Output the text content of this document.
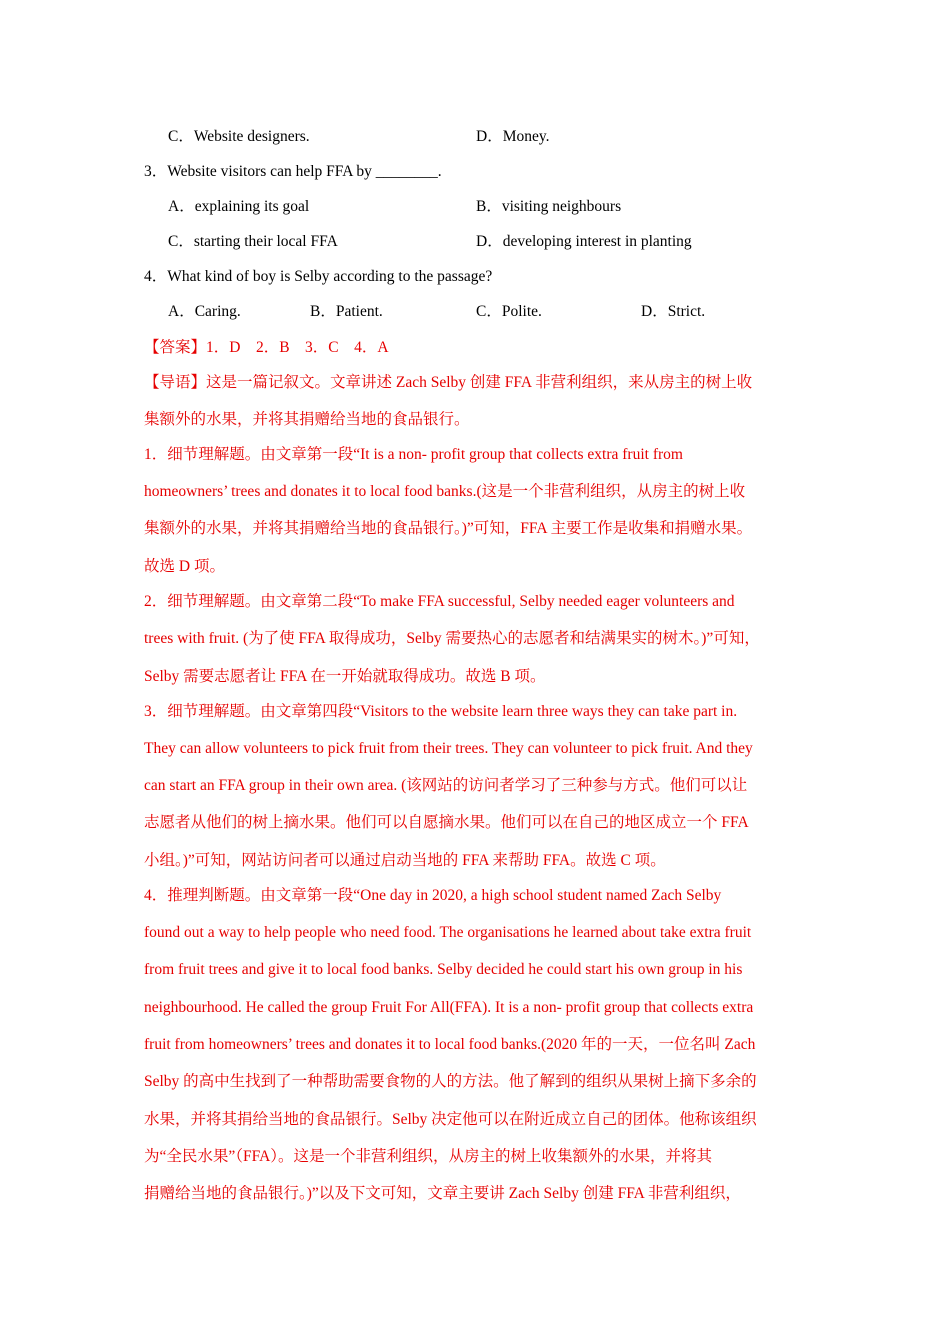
C．Website designers.	D．Money.
3．Website visitors can help FFA by ________.
A．explaining its goal	B．visiting neighbours
C．starting their local FFA	D．developing interest in planting
4．What kind of boy is Selby according to the passage?
A．Caring.	B．Patient.	C．Polite.	D．Strict.
【答案】1．D　2．B　3．C　4．A
【导语】这是一篇记叙文。文章讲述 Zach Selby 创建 FFA 非营利组织，来从房主的树上收
集额外的水果，并将其捐赠给当地的食品银行。
1．细节理解题。由文章第一段“It is a non- profit group that collects extra fruit from
homeowners’ trees and donates it to local food banks.(这是一个非营利组织，从房主的树上收
集额外的水果，并将其捐赠给当地的食品银行。)”可知，FFA 主要工作是收集和捐赠水果。
故选 D 项。
2．细节理解题。由文章第二段“To make FFA successful, Selby needed eager volunteers and
trees with fruit. (为了使 FFA 取得成功，Selby 需要热心的志愿者和结满果实的树木。)”可知，
Selby 需要志愿者让 FFA 在一开始就取得成功。故选 B 项。
3．细节理解题。由文章第四段“Visitors to the website learn three ways they can take part in.
They can allow volunteers to pick fruit from their trees. They can volunteer to pick fruit. And they
can start an FFA group in their own area. (该网站的访问者学习了三种参与方式。他们可以让
志愿者从他们的树上摘水果。他们可以自愿摘水果。他们可以在自己的地区成立一个 FFA
小组。)”可知，网站访问者可以通过启动当地的 FFA 来帮助 FFA。故选 C 项。
4．推理判断题。由文章第一段“One day in 2020, a high school student named Zach Selby
found out a way to help people who need food. The organisations he learned about take extra fruit
from fruit trees and give it to local food banks. Selby decided he could start his own group in his
neighbourhood. He called the group Fruit For All(FFA). It is a non- profit group that collects extra
fruit from homeowners’ trees and donates it to local food banks.(2020 年的一天，一位名叫 Zach
Selby 的高中生找到了一种帮助需要食物的人的方法。他了解到的组织从果树上摘下多余的
水果，并将其捐给当地的食品银行。Selby 决定他可以在附近成立自己的团体。他称该组织
为“全民水果”（FFA）。这是一个非营利组织，从房主的树上收集额外的水果，并将其
捐赠给当地的食品银行。)”以及下文可知，文章主要讲 Zach Selby 创建 FFA 非营利组织，
